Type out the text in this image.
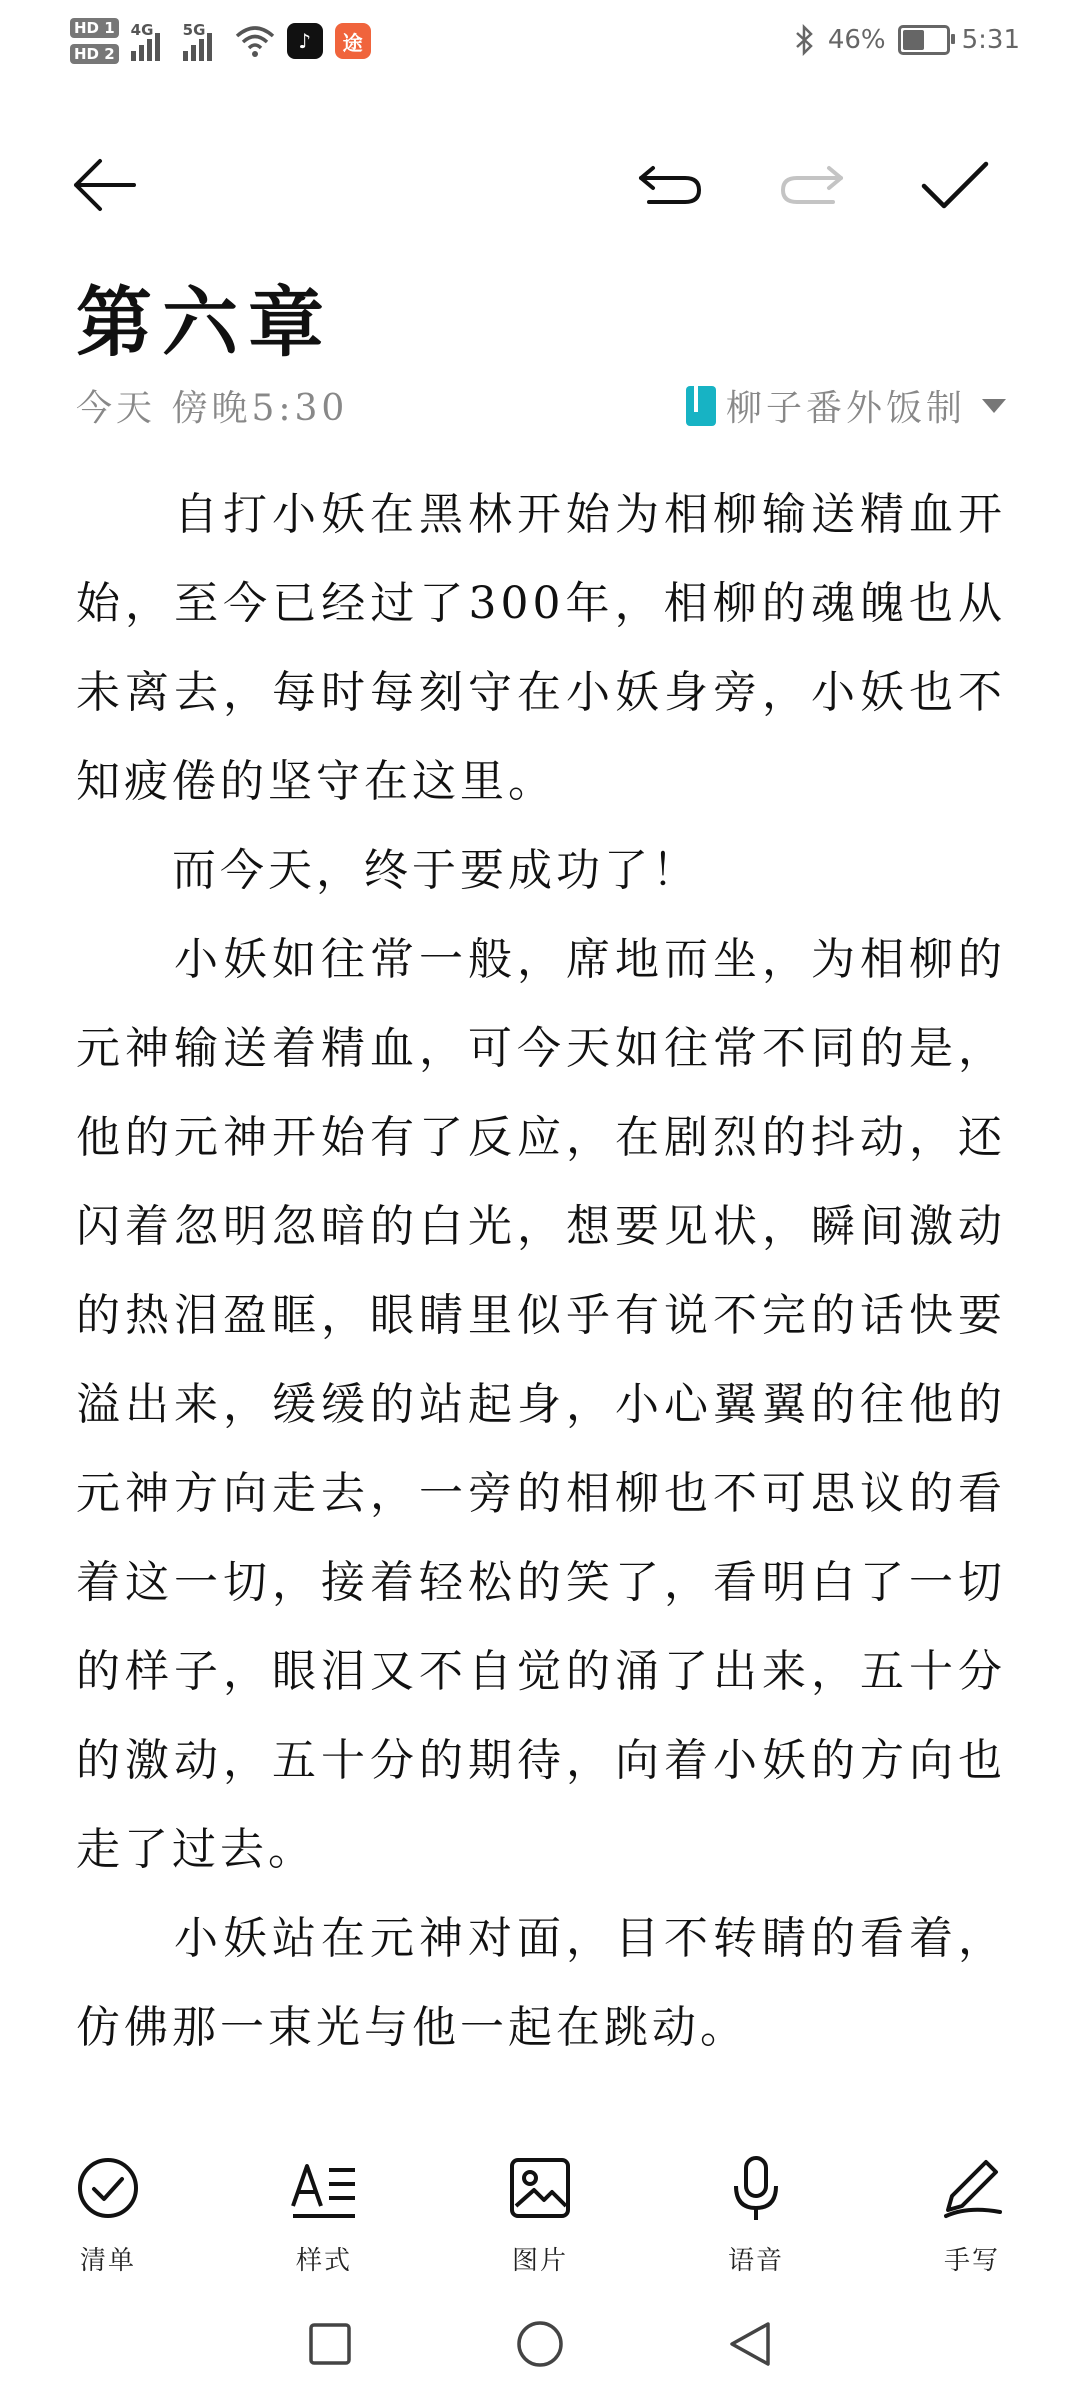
HD 1
HD 2
4G 5G	♪	途	46%	5:31
第六章
今天 傍晚5:30	柳子番外饭制

　　自打小妖在黑林开始为相柳输送精血开始，至今已经过了300年，相柳的魂魄也从未离去，每时每刻守在小妖身旁，小妖也不知疲倦的坚守在这里。

　　而今天，终于要成功了！

　　小妖如往常一般，席地而坐，为相柳的元神输送着精血，可今天如往常不同的是，他的元神开始有了反应，在剧烈的抖动，还闪着忽明忽暗的白光，想要见状，瞬间激动的热泪盈眶，眼睛里似乎有说不完的话快要溢出来，缓缓的站起身，小心翼翼的往他的元神方向走去，一旁的相柳也不可思议的看着这一切，接着轻松的笑了，看明白了一切的样子，眼泪又不自觉的涌了出来，五十分的激动，五十分的期待，向着小妖的方向也走了过去。

　　小妖站在元神对面，目不转睛的看着，仿佛那一束光与他一起在跳动。

清单	样式	图片	语音	手写
